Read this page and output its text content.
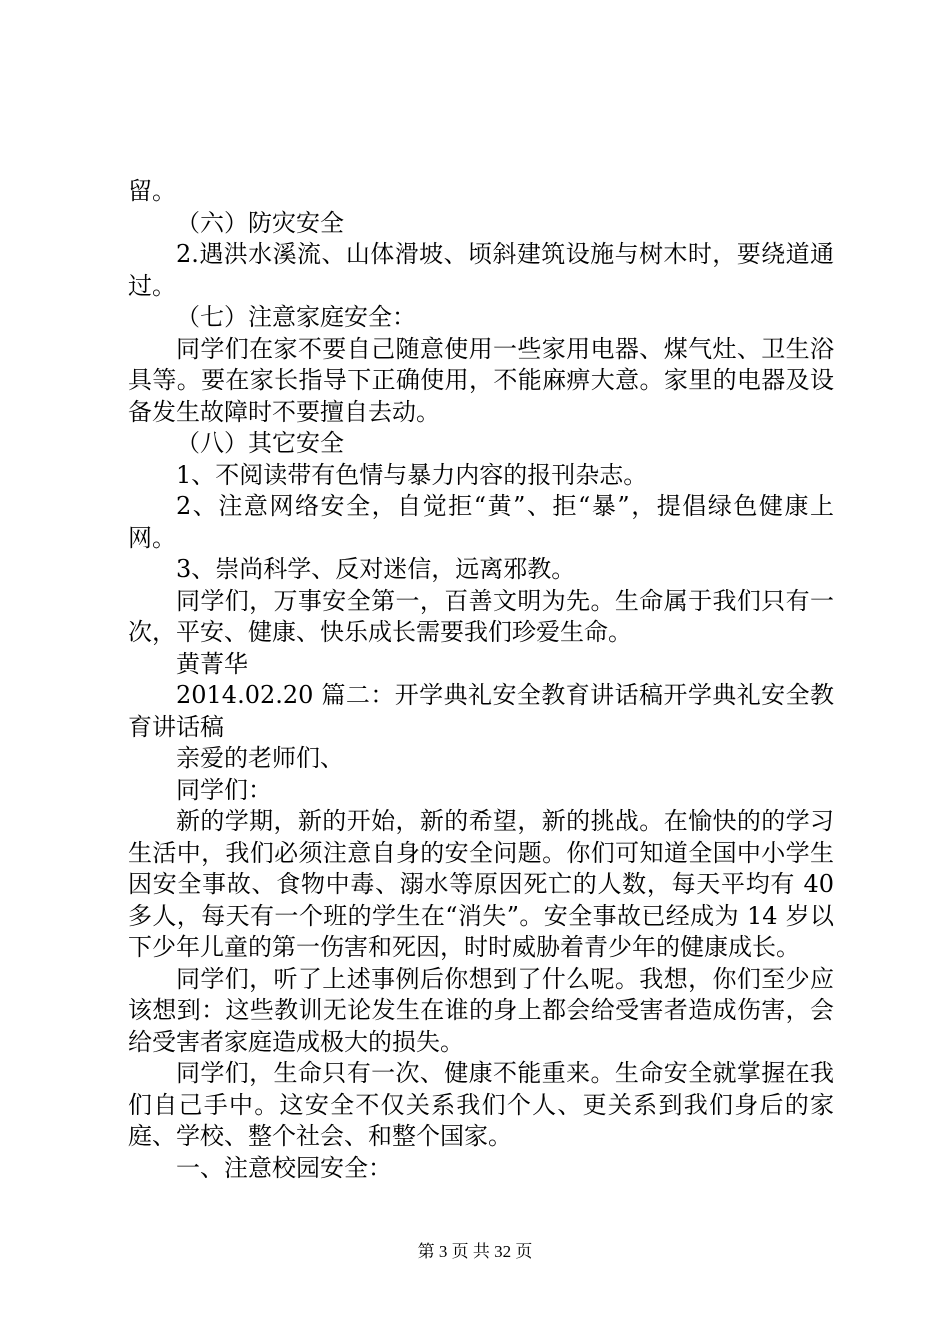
留。

（六）防灾安全

2.遇洪水溪流、山体滑坡、顷斜建筑设施与树木时，要绕道通过。

（七）注意家庭安全：

同学们在家不要自己随意使用一些家用电器、煤气灶、卫生浴具等。要在家长指导下正确使用，不能麻痹大意。家里的电器及设备发生故障时不要擅自去动。

（八）其它安全

1、不阅读带有色情与暴力内容的报刊杂志。

2、注意网络安全，自觉拒“黄”、拒“暴”，提倡绿色健康上网。

3、崇尚科学、反对迷信，远离邪教。

同学们，万事安全第一，百善文明为先。生命属于我们只有一次，平安、健康、快乐成长需要我们珍爱生命。

黄菁华

2014.02.20 篇二：开学典礼安全教育讲话稿开学典礼安全教育讲话稿

亲爱的老师们、

同学们：

新的学期，新的开始，新的希望，新的挑战。在愉快的的学习生活中，我们必须注意自身的安全问题。你们可知道全国中小学生因安全事故、食物中毒、溺水等原因死亡的人数，每天平均有 40 多人，每天有一个班的学生在“消失”。安全事故已经成为 14 岁以下少年儿童的第一伤害和死因，时时威胁着青少年的健康成长。

同学们，听了上述事例后你想到了什么呢。我想，你们至少应该想到：这些教训无论发生在谁的身上都会给受害者造成伤害，会给受害者家庭造成极大的损失。

同学们，生命只有一次、健康不能重来。生命安全就掌握在我们自己手中。这安全不仅关系我们个人、更关系到我们身后的家庭、学校、整个社会、和整个国家。

一、注意校园安全：

第 3 页 共 32 页
